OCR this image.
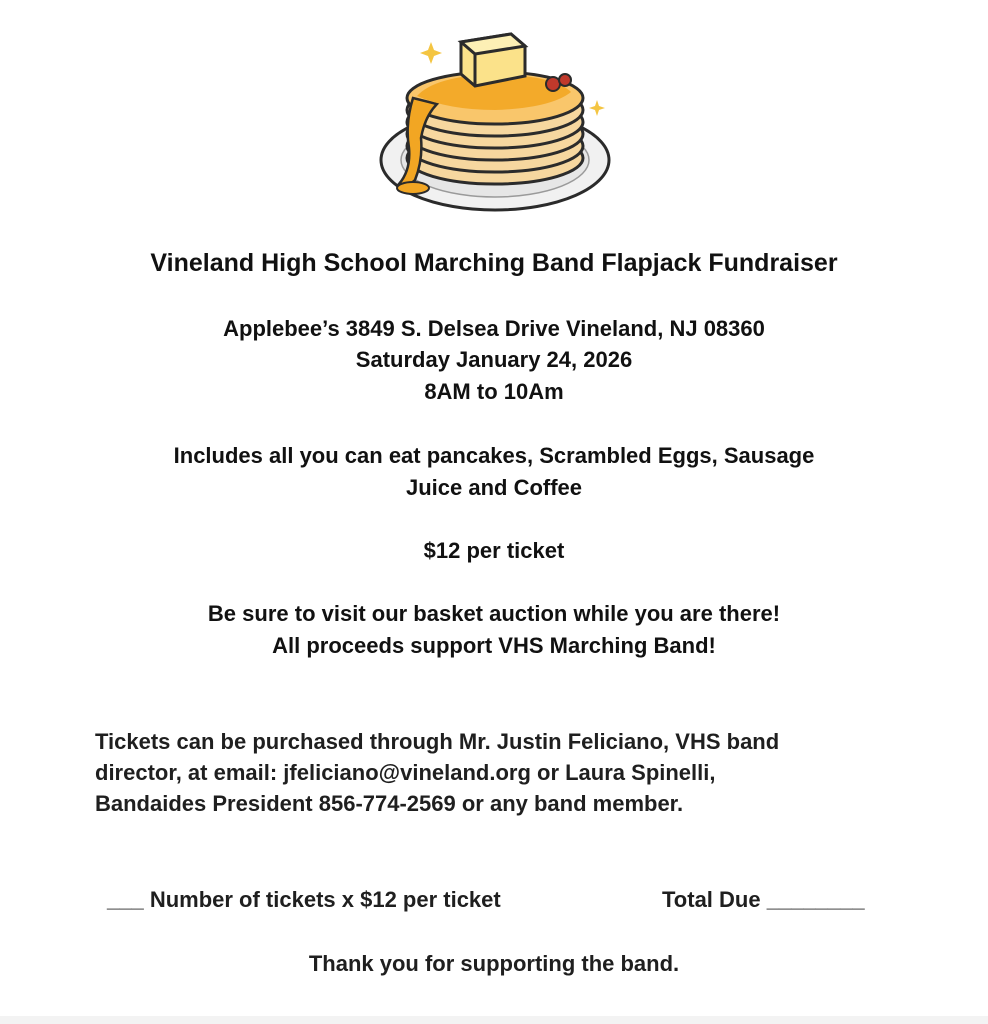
Vineland High School Marching Band Flapjack Fundraiser
Applebee’s 3849 S. Delsea Drive Vineland, NJ 08360
Saturday January 24, 2026
8AM to 10Am
Includes all you can eat pancakes, Scrambled Eggs, Sausage
Juice and Coffee
$12 per ticket
Be sure to visit our basket auction while you are there!
All proceeds support VHS Marching Band!
Tickets can be purchased through Mr. Justin Feliciano, VHS band
director, at email: jfeliciano@vineland.org or Laura Spinelli,
Bandaides President 856-774-2569 or any band member.
___ Number of tickets x $12 per ticket	Total Due ________
Thank you for supporting the band.
